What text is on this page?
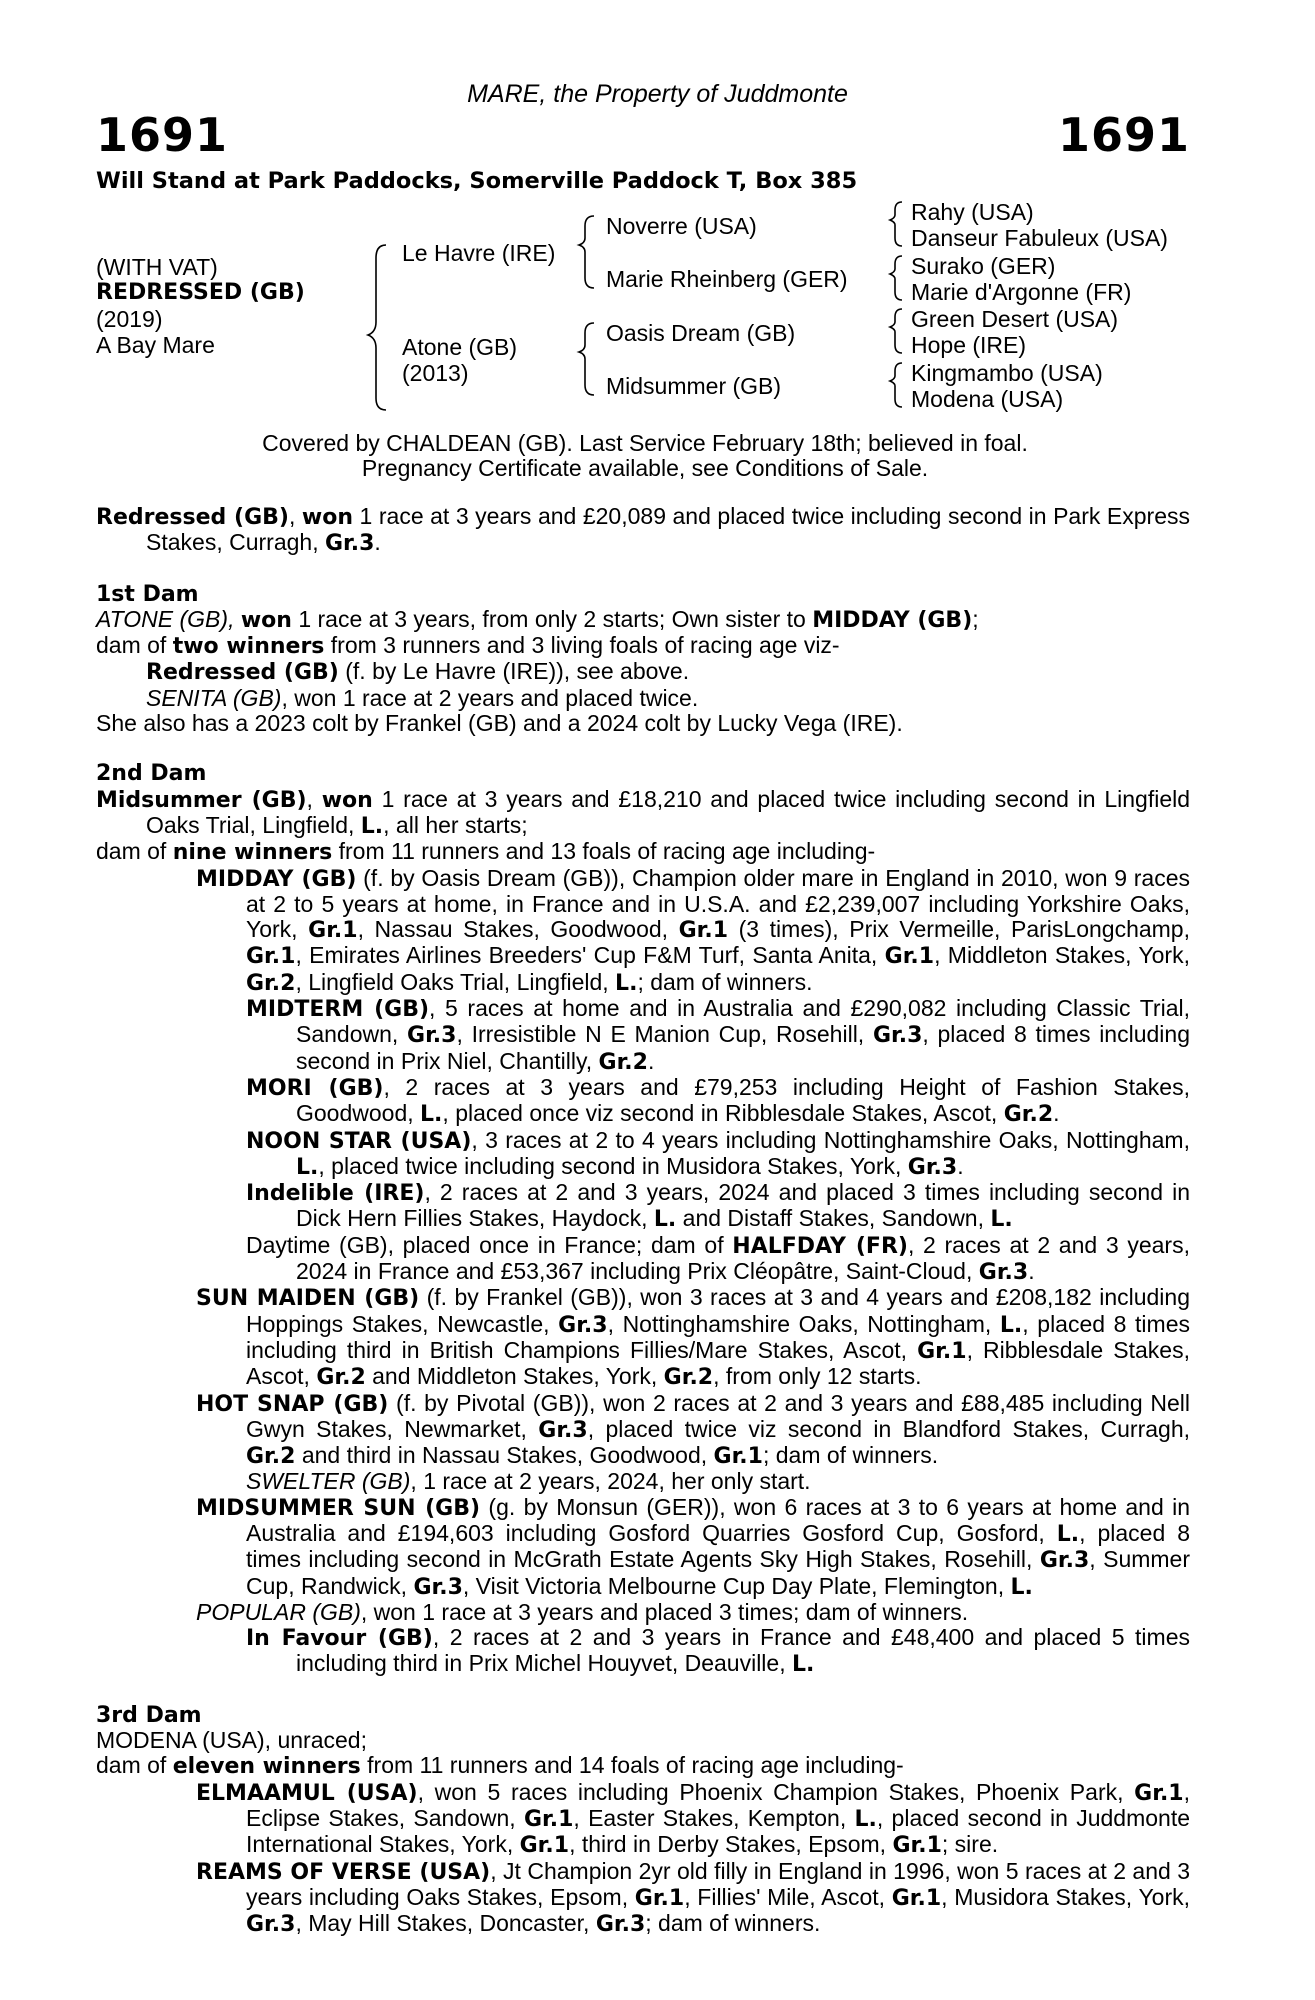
MARE, the Property of Juddmonte
1691	1691
Will Stand at Park Paddocks, Somerville Paddock T, Box 385
(WITH VAT)
REDRESSED (GB)
(2019)
A Bay Mare
Le Havre (IRE)
Atone (GB)
(2013)
Noverre (USA)
Marie Rheinberg (GER)
Oasis Dream (GB)
Midsummer (GB)
Rahy (USA)
Danseur Fabuleux (USA)
Surako (GER)
Marie d'Argonne (FR)
Green Desert (USA)
Hope (IRE)
Kingmambo (USA)
Modena (USA)
Covered by CHALDEAN (GB). Last Service February 18th; believed in foal.
Pregnancy Certificate available, see Conditions of Sale.

Redressed (GB), won 1 race at 3 years and £20,089 and placed twice including second in Park Express Stakes, Curragh, Gr.3.

1st Dam

ATONE (GB), won 1 race at 3 years, from only 2 starts; Own sister to MIDDAY (GB);

dam of two winners from 3 runners and 3 living foals of racing age viz-

Redressed (GB) (f. by Le Havre (IRE)), see above.

SENITA (GB), won 1 race at 2 years and placed twice.

She also has a 2023 colt by Frankel (GB) and a 2024 colt by Lucky Vega (IRE).

2nd Dam

Midsummer (GB), won 1 race at 3 years and £18,210 and placed twice including second in Lingfield Oaks Trial, Lingfield, L., all her starts;

dam of nine winners from 11 runners and 13 foals of racing age including-

MIDDAY (GB) (f. by Oasis Dream (GB)), Champion older mare in England in 2010, won 9 races at 2 to 5 years at home, in France and in U.S.A. and £2,239,007 including Yorkshire Oaks, York, Gr.1, Nassau Stakes, Goodwood, Gr.1 (3 times), Prix Vermeille, ParisLongchamp, Gr.1, Emirates Airlines Breeders' Cup F&M Turf, Santa Anita, Gr.1, Middleton Stakes, York, Gr.2, Lingfield Oaks Trial, Lingfield, L.; dam of winners.

MIDTERM (GB), 5 races at home and in Australia and £290,082 including Classic Trial, Sandown, Gr.3, Irresistible N E Manion Cup, Rosehill, Gr.3, placed 8 times including second in Prix Niel, Chantilly, Gr.2.

MORI (GB), 2 races at 3 years and £79,253 including Height of Fashion Stakes, Goodwood, L., placed once viz second in Ribblesdale Stakes, Ascot, Gr.2.

NOON STAR (USA), 3 races at 2 to 4 years including Nottinghamshire Oaks, Nottingham, L., placed twice including second in Musidora Stakes, York, Gr.3.

Indelible (IRE), 2 races at 2 and 3 years, 2024 and placed 3 times including second in Dick Hern Fillies Stakes, Haydock, L. and Distaff Stakes, Sandown, L.

Daytime (GB), placed once in France; dam of HALFDAY (FR), 2 races at 2 and 3 years, 2024 in France and £53,367 including Prix Cléopâtre, Saint-Cloud, Gr.3.

SUN MAIDEN (GB) (f. by Frankel (GB)), won 3 races at 3 and 4 years and £208,182 including Hoppings Stakes, Newcastle, Gr.3, Nottinghamshire Oaks, Nottingham, L., placed 8 times including third in British Champions Fillies/Mare Stakes, Ascot, Gr.1, Ribblesdale Stakes, Ascot, Gr.2 and Middleton Stakes, York, Gr.2, from only 12 starts.

HOT SNAP (GB) (f. by Pivotal (GB)), won 2 races at 2 and 3 years and £88,485 including Nell Gwyn Stakes, Newmarket, Gr.3, placed twice viz second in Blandford Stakes, Curragh, Gr.2 and third in Nassau Stakes, Goodwood, Gr.1; dam of winners.

SWELTER (GB), 1 race at 2 years, 2024, her only start.

MIDSUMMER SUN (GB) (g. by Monsun (GER)), won 6 races at 3 to 6 years at home and in Australia and £194,603 including Gosford Quarries Gosford Cup, Gosford, L., placed 8 times including second in McGrath Estate Agents Sky High Stakes, Rosehill, Gr.3, Summer Cup, Randwick, Gr.3, Visit Victoria Melbourne Cup Day Plate, Flemington, L.

POPULAR (GB), won 1 race at 3 years and placed 3 times; dam of winners.

In Favour (GB), 2 races at 2 and 3 years in France and £48,400 and placed 5 times including third in Prix Michel Houyvet, Deauville, L.

3rd Dam

MODENA (USA), unraced;

dam of eleven winners from 11 runners and 14 foals of racing age including-

ELMAAMUL (USA), won 5 races including Phoenix Champion Stakes, Phoenix Park, Gr.1, Eclipse Stakes, Sandown, Gr.1, Easter Stakes, Kempton, L., placed second in Juddmonte International Stakes, York, Gr.1, third in Derby Stakes, Epsom, Gr.1; sire.

REAMS OF VERSE (USA), Jt Champion 2yr old filly in England in 1996, won 5 races at 2 and 3 years including Oaks Stakes, Epsom, Gr.1, Fillies' Mile, Ascot, Gr.1, Musidora Stakes, York, Gr.3, May Hill Stakes, Doncaster, Gr.3; dam of winners.
